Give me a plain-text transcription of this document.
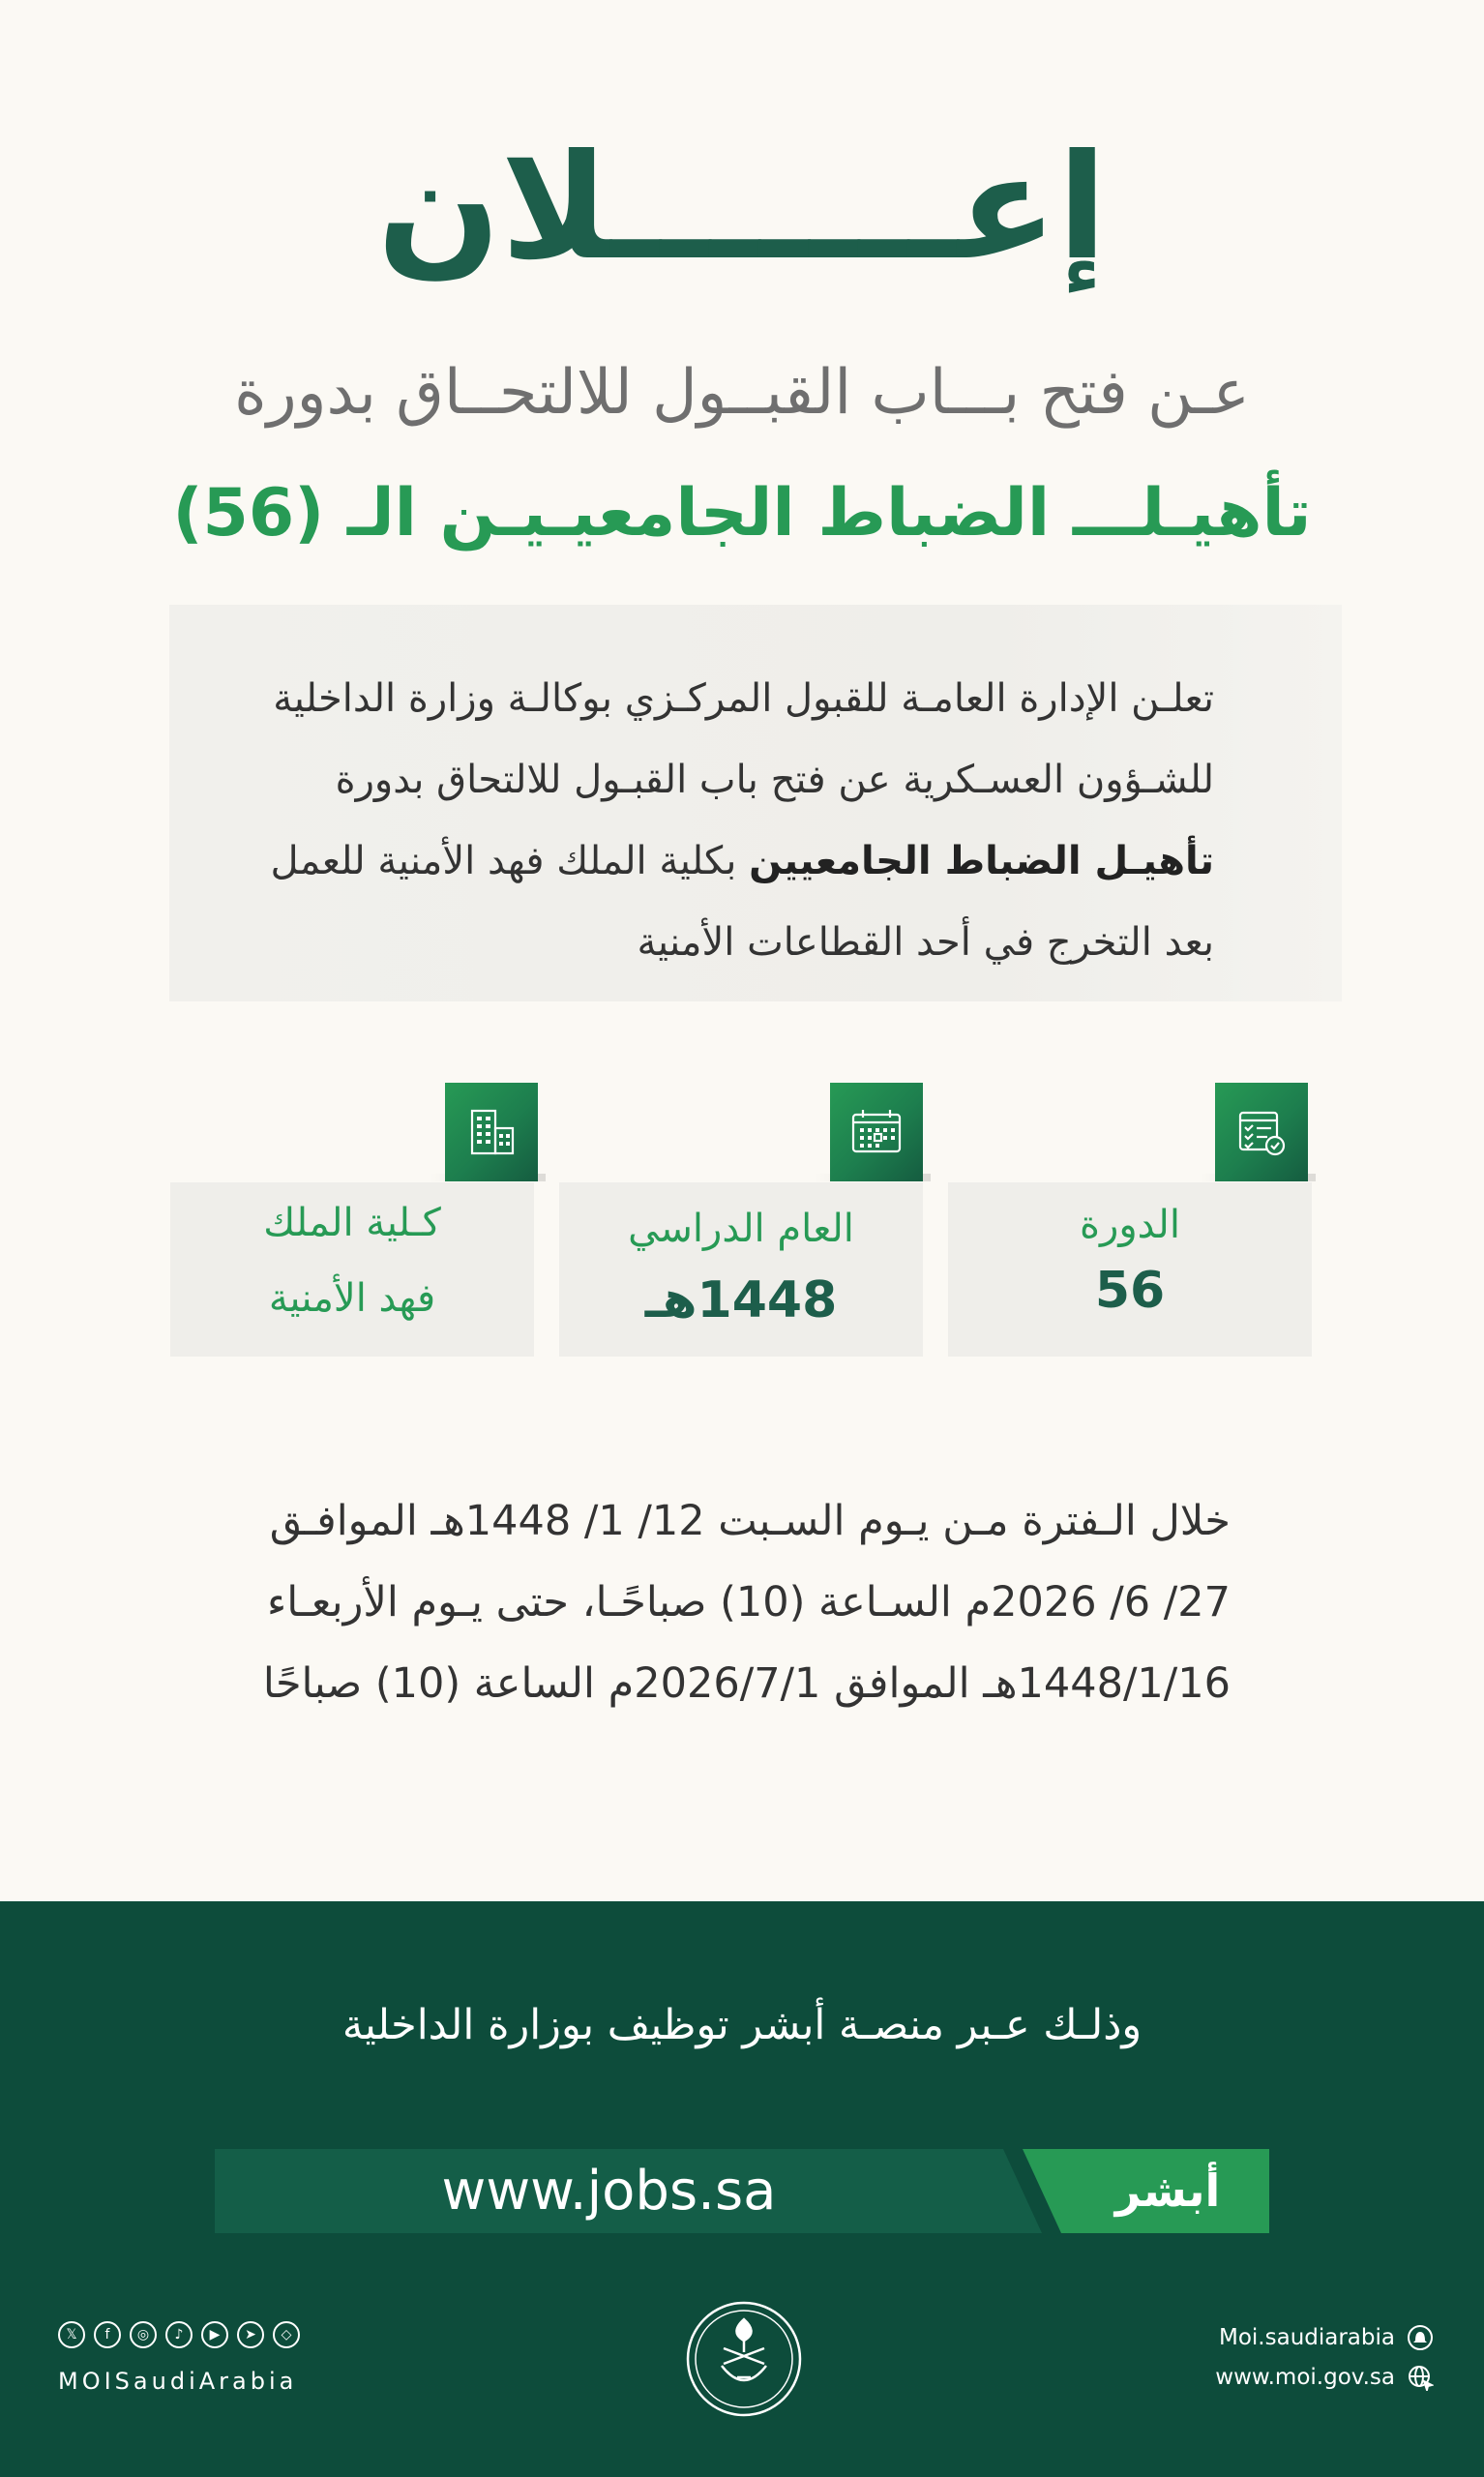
إعـــــــلان
عـن فتح بـــاب القبــول للالتحــاق بدورة
تأهيـلـــ الضباط الجامعيـيـن الـ (56)
تعلـن الإدارة العامـة للقبول المركـزي بوكالـة وزارة الداخلية
للشـؤون العسـكرية عن فتح باب القبـول للالتحاق بدورة
تأهيـل الضباط الجامعيين بكلية الملك فهد الأمنية للعمل
بعد التخرج في أحد القطاعات الأمنية
الدورة
56
العام الدراسي
1448هـ
كـلية الملك
فهد الأمنية
خلال الـفترة مـن يـوم السـبت 12/ 1/ 1448هـ الموافـق
27/ 6/ 2026م السـاعة (10) صباحًـا، حتى يـوم الأربعـاء
1448/1/16هـ الموافق 2026/7/1م الساعة (10) صباحًا
وذلـك عـبر منصـة أبشر توظيف بوزارة الداخلية
www.jobs.sa	أبشر
𝕏	f	◎	♪	▶	➤	◇
MOISaudiArabia
Moi.saudiarabia
www.moi.gov.sa
